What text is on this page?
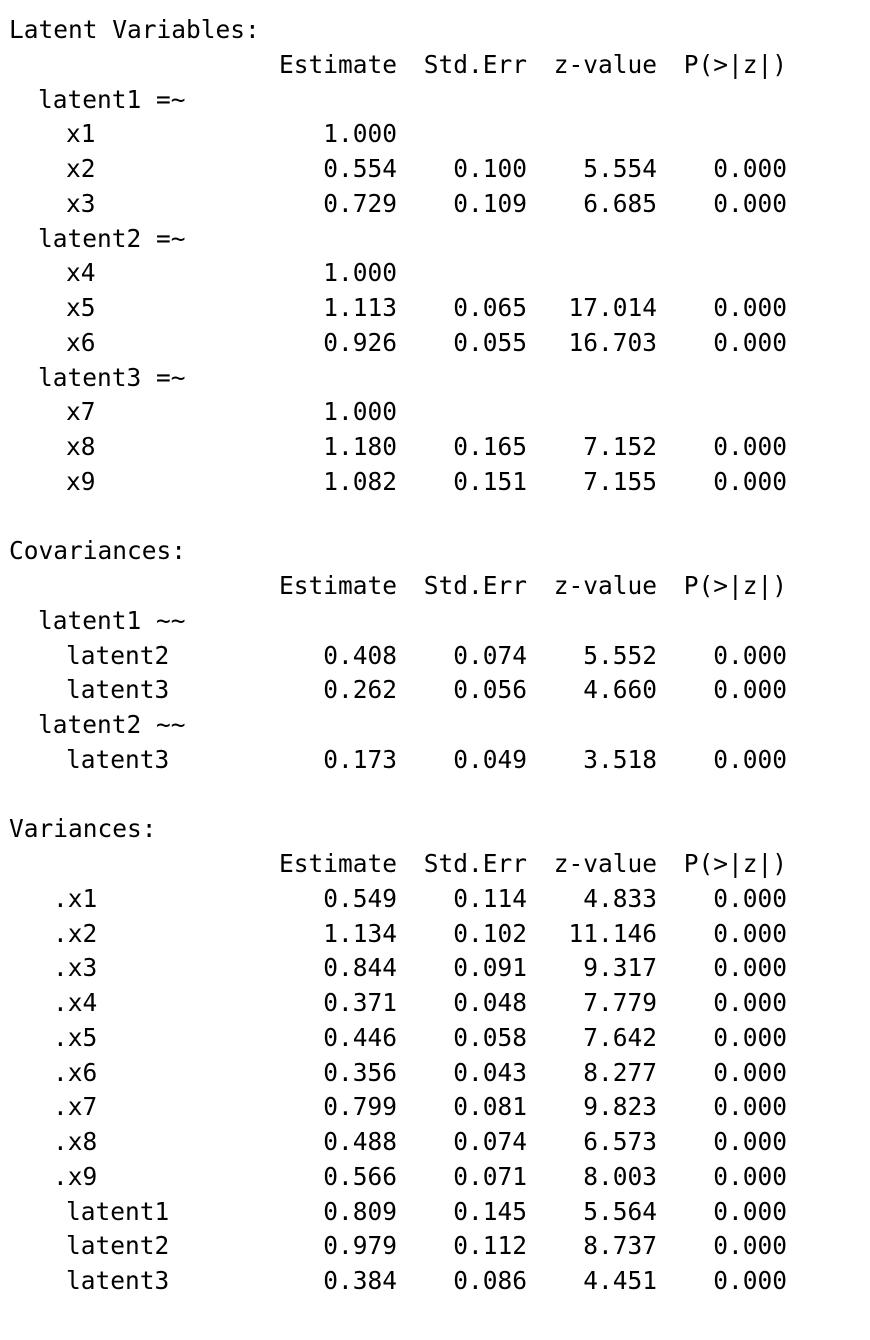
Latent Variables:
Estimate	Std.Err	z-value	P(>|z|)
latent1 =~
x1	1.000
x2	0.554	0.100	5.554	0.000
x3	0.729	0.109	6.685	0.000
latent2 =~
x4	1.000
x5	1.113	0.065	17.014	0.000
x6	0.926	0.055	16.703	0.000
latent3 =~
x7	1.000
x8	1.180	0.165	7.152	0.000
x9	1.082	0.151	7.155	0.000
Covariances:
Estimate	Std.Err	z-value	P(>|z|)
latent1 ~~
latent2	0.408	0.074	5.552	0.000
latent3	0.262	0.056	4.660	0.000
latent2 ~~
latent3	0.173	0.049	3.518	0.000
Variances:
Estimate	Std.Err	z-value	P(>|z|)
.x1	0.549	0.114	4.833	0.000
.x2	1.134	0.102	11.146	0.000
.x3	0.844	0.091	9.317	0.000
.x4	0.371	0.048	7.779	0.000
.x5	0.446	0.058	7.642	0.000
.x6	0.356	0.043	8.277	0.000
.x7	0.799	0.081	9.823	0.000
.x8	0.488	0.074	6.573	0.000
.x9	0.566	0.071	8.003	0.000
latent1	0.809	0.145	5.564	0.000
latent2	0.979	0.112	8.737	0.000
latent3	0.384	0.086	4.451	0.000
